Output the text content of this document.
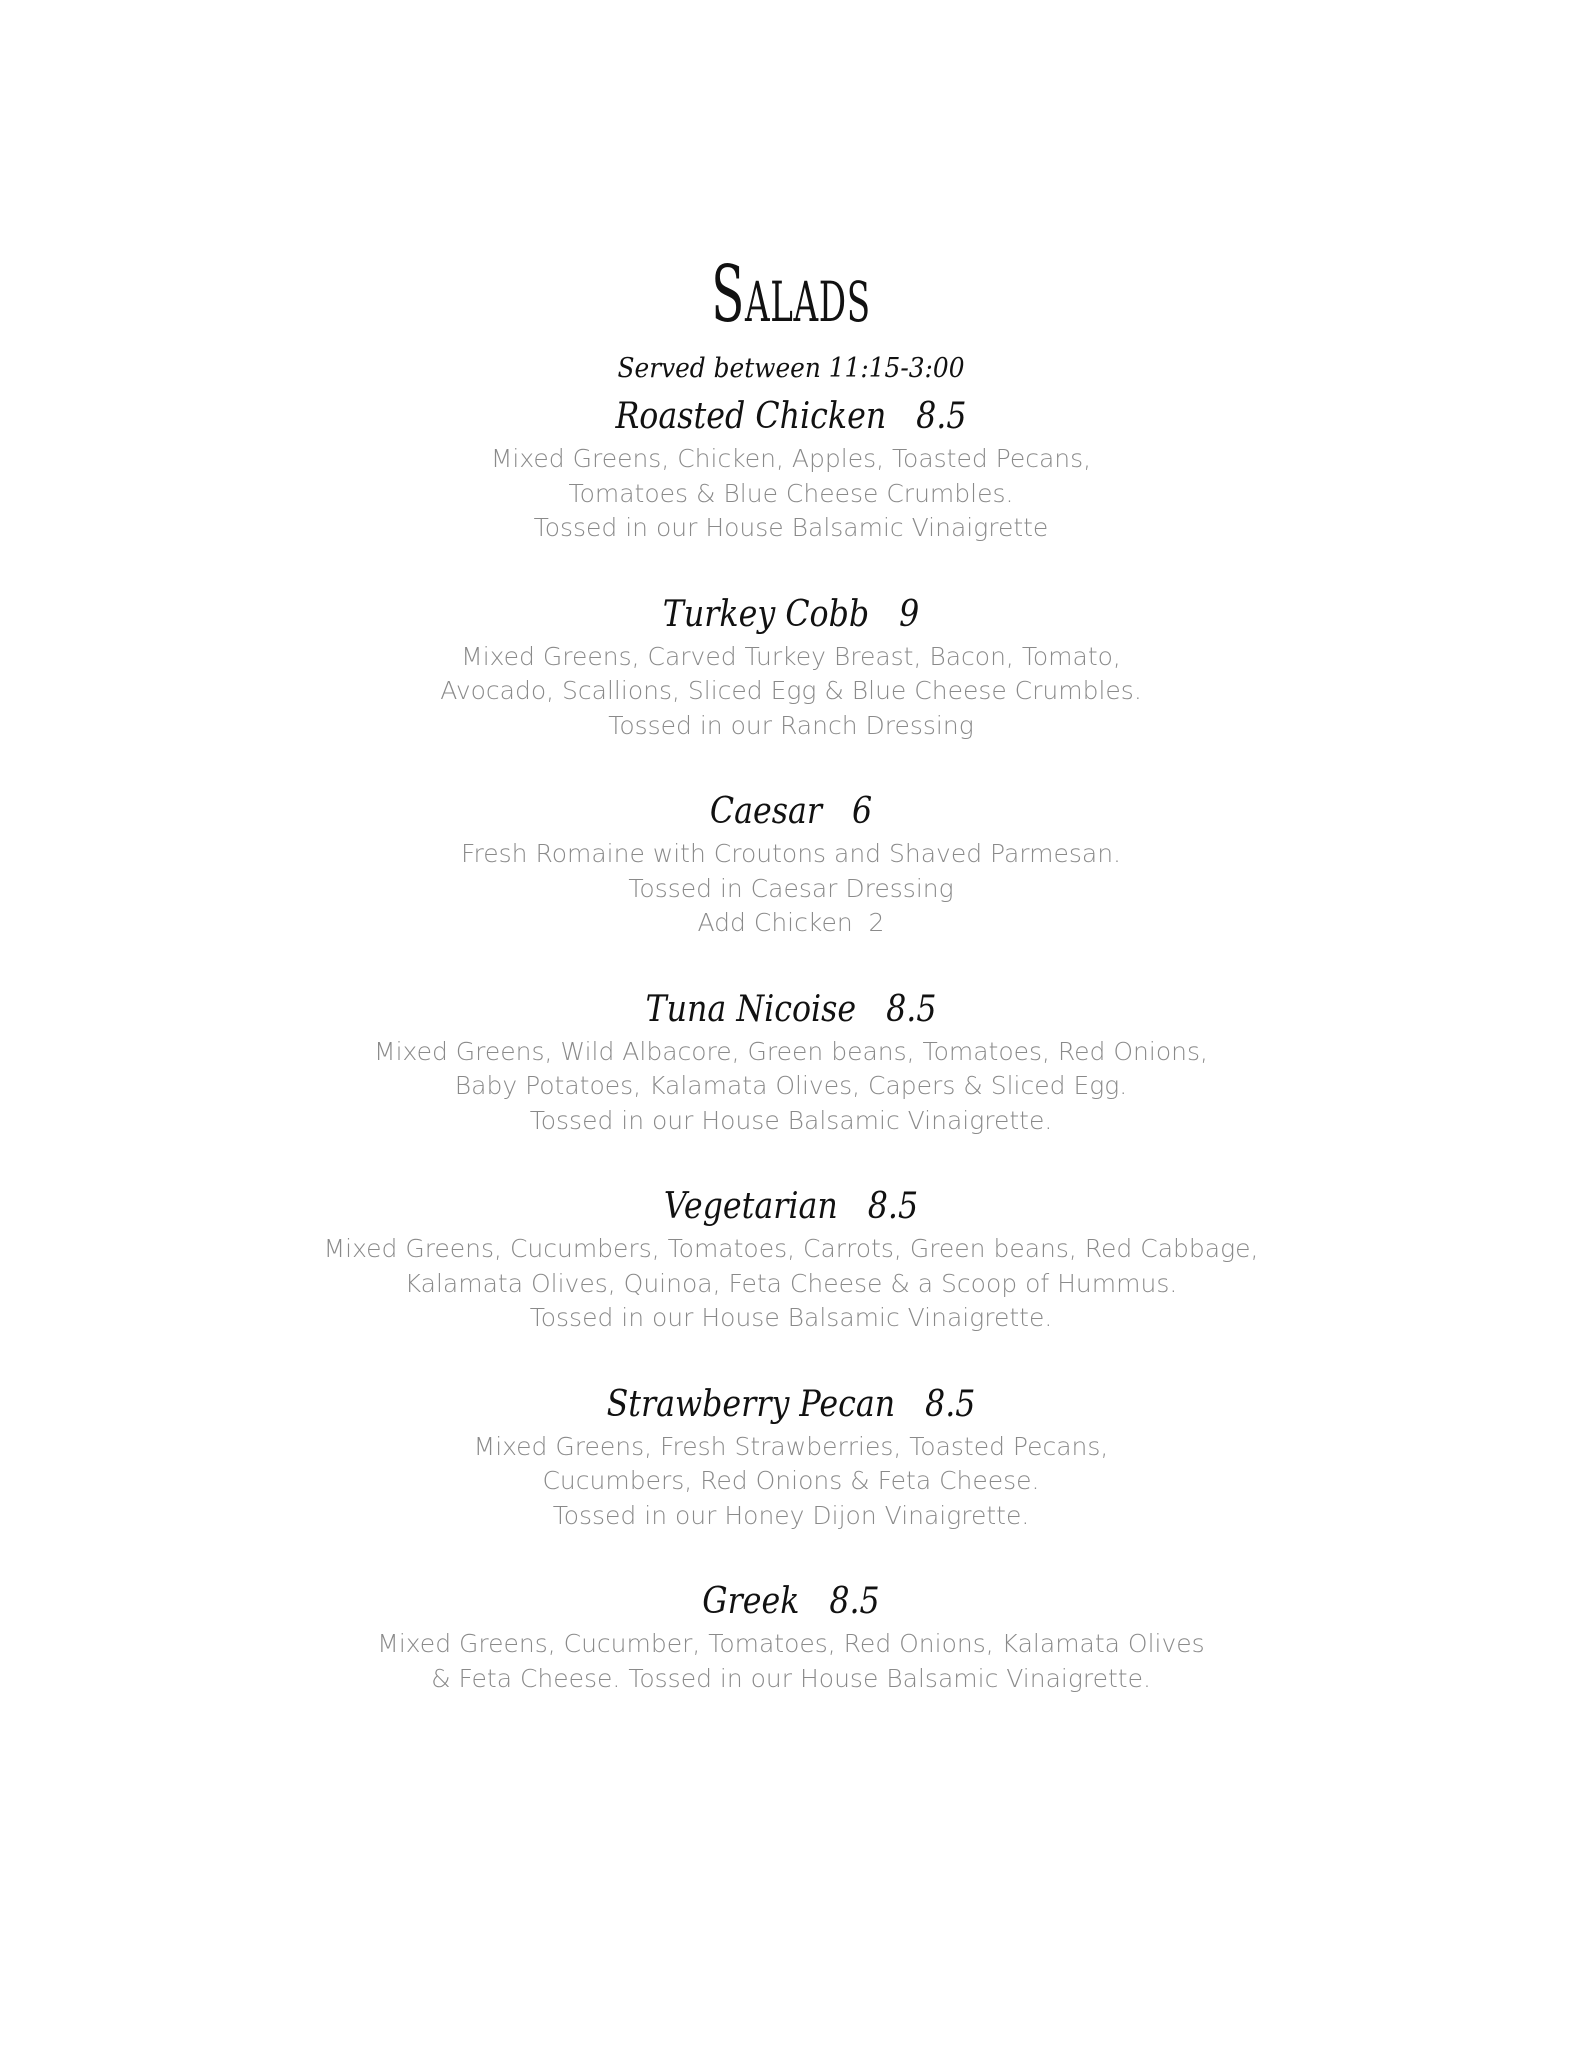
Salads
Served between 11:15-3:00
Roasted Chicken 8.5
Mixed Greens, Chicken, Apples, Toasted Pecans,
Tomatoes & Blue Cheese Crumbles.
Tossed in our House Balsamic Vinaigrette
Turkey Cobb 9
Mixed Greens, Carved Turkey Breast, Bacon, Tomato,
Avocado, Scallions, Sliced Egg & Blue Cheese Crumbles.
Tossed in our Ranch Dressing
Caesar 6
Fresh Romaine with Croutons and Shaved Parmesan.
Tossed in Caesar Dressing
Add Chicken  2
Tuna Nicoise 8.5
Mixed Greens, Wild Albacore, Green beans, Tomatoes, Red Onions,
Baby Potatoes, Kalamata Olives, Capers & Sliced Egg.
Tossed in our House Balsamic Vinaigrette.
Vegetarian 8.5
Mixed Greens, Cucumbers, Tomatoes, Carrots, Green beans, Red Cabbage,
Kalamata Olives, Quinoa, Feta Cheese & a Scoop of Hummus.
Tossed in our House Balsamic Vinaigrette.
Strawberry Pecan 8.5
Mixed Greens, Fresh Strawberries, Toasted Pecans,
Cucumbers, Red Onions & Feta Cheese.
Tossed in our Honey Dijon Vinaigrette.
Greek 8.5
Mixed Greens, Cucumber, Tomatoes, Red Onions, Kalamata Olives
& Feta Cheese. Tossed in our House Balsamic Vinaigrette.
